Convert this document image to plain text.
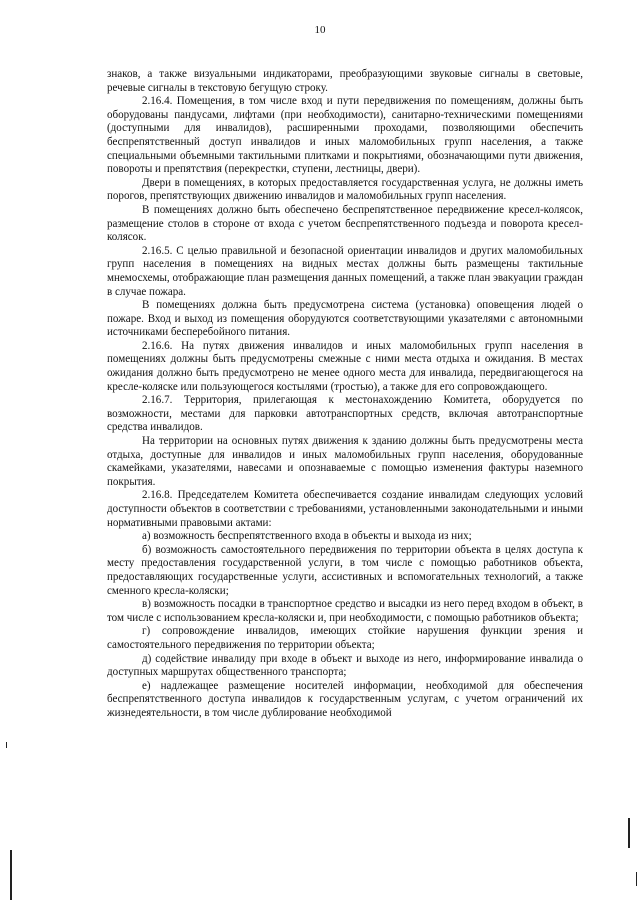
10

знаков, а также визуальными индикаторами, преобразующими звуковые сигналы в световые, речевые сигналы в текстовую бегущую строку.

2.16.4. Помещения, в том числе вход и пути передвижения по помещениям, должны быть оборудованы пандусами, лифтами (при необходимости), санитарно-техническими помещениями (доступными для инвалидов), расширенными проходами, позволяющими обеспечить беспрепятственный доступ инвалидов и иных маломобильных групп населения, а также специальными объемными тактильными плитками и покрытиями, обозначающими пути движения, повороты и препятствия (перекрестки, ступени, лестницы, двери).

Двери в помещениях, в которых предоставляется государственная услуга, не должны иметь порогов, препятствующих движению инвалидов и маломобильных групп населения.

В помещениях должно быть обеспечено беспрепятственное передвижение кресел-колясок, размещение столов в стороне от входа с учетом беспрепятственного подъезда и поворота кресел-колясок.

2.16.5. С целью правильной и безопасной ориентации инвалидов и других маломобильных групп населения в помещениях на видных местах должны быть размещены тактильные мнемосхемы, отображающие план размещения данных помещений, а также план эвакуации граждан в случае пожара.

В помещениях должна быть предусмотрена система (установка) оповещения людей о пожаре. Вход и выход из помещения оборудуются соответствующими указателями с автономными источниками бесперебойного питания.

2.16.6. На путях движения инвалидов и иных маломобильных групп населения в помещениях должны быть предусмотрены смежные с ними места отдыха и ожидания. В местах ожидания должно быть предусмотрено не менее одного места для инвалида, передвигающегося на кресле-коляске или пользующегося костылями (тростью), а также для его сопровождающего.

2.16.7. Территория, прилегающая к местонахождению Комитета, оборудуется по возможности, местами для парковки автотранспортных средств, включая автотранспортные средства инвалидов.

На территории на основных путях движения к зданию должны быть предусмотрены места отдыха, доступные для инвалидов и иных маломобильных групп населения, оборудованные скамейками, указателями, навесами и опознаваемые с помощью изменения фактуры наземного покрытия.

2.16.8. Председателем Комитета обеспечивается создание инвалидам следующих условий доступности объектов в соответствии с требованиями, установленными законодательными и иными нормативными правовыми актами:

а) возможность беспрепятственного входа в объекты и выхода из них;

б) возможность самостоятельного передвижения по территории объекта в целях доступа к месту предоставления государственной услуги, в том числе с помощью работников объекта, предоставляющих государственные услуги, ассистивных и вспомогательных технологий, а также сменного кресла-коляски;

в) возможность посадки в транспортное средство и высадки из него перед входом в объект, в том числе с использованием кресла-коляски и, при необходимости, с помощью работников объекта;

г) сопровождение инвалидов, имеющих стойкие нарушения функции зрения и самостоятельного передвижения по территории объекта;

д) содействие инвалиду при входе в объект и выходе из него, информирование инвалида о доступных маршрутах общественного транспорта;

е) надлежащее размещение носителей информации, необходимой для обеспечения беспрепятственного доступа инвалидов к государственным услугам, с учетом ограничений их жизнедеятельности, в том числе дублирование необходимой
